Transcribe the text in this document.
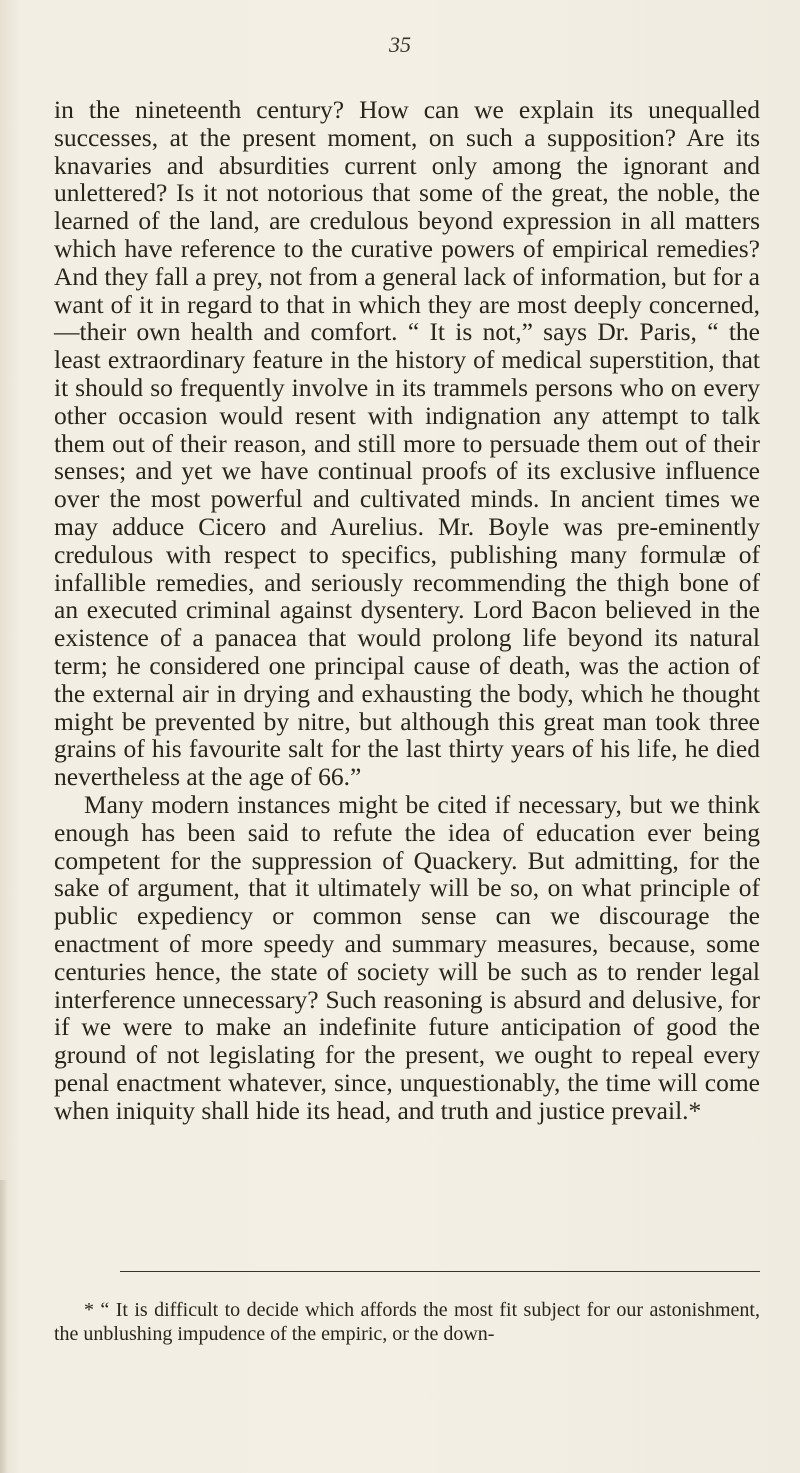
35

in the nineteenth century? How can we explain its unequalled successes, at the present moment, on such a supposition? Are its knavaries and absurdities current only among the ignorant and unlettered? Is it not notorious that some of the great, the noble, the learned of the land, are credulous beyond expression in all matters which have reference to the curative powers of empirical remedies? And they fall a prey, not from a general lack of information, but for a want of it in regard to that in which they are most deeply concerned,—their own health and comfort. “ It is not,” says Dr. Paris, “ the least extraordinary feature in the history of medical superstition, that it should so frequently involve in its trammels persons who on every other occasion would resent with indignation any attempt to talk them out of their reason, and still more to persuade them out of their senses; and yet we have continual proofs of its exclusive influence over the most powerful and cultivated minds. In ancient times we may adduce Cicero and Aurelius. Mr. Boyle was pre-eminently credulous with respect to specifics, publishing many formulæ of infallible remedies, and seriously recommending the thigh bone of an executed criminal against dysentery. Lord Bacon believed in the existence of a panacea that would prolong life beyond its natural term; he considered one principal cause of death, was the action of the external air in drying and exhausting the body, which he thought might be prevented by nitre, but although this great man took three grains of his favourite salt for the last thirty years of his life, he died nevertheless at the age of 66.”

Many modern instances might be cited if necessary, but we think enough has been said to refute the idea of education ever being competent for the suppression of Quackery. But admitting, for the sake of argument, that it ultimately will be so, on what principle of public expediency or common sense can we discourage the enactment of more speedy and summary measures, because, some centuries hence, the state of society will be such as to render legal interference unnecessary? Such reasoning is absurd and delusive, for if we were to make an indefinite future anticipation of good the ground of not legislating for the present, we ought to repeal every penal enactment whatever, since, unquestionably, the time will come when iniquity shall hide its head, and truth and justice prevail.*

* “ It is difficult to decide which affords the most fit subject for our astonishment, the unblushing impudence of the empiric, or the down-
